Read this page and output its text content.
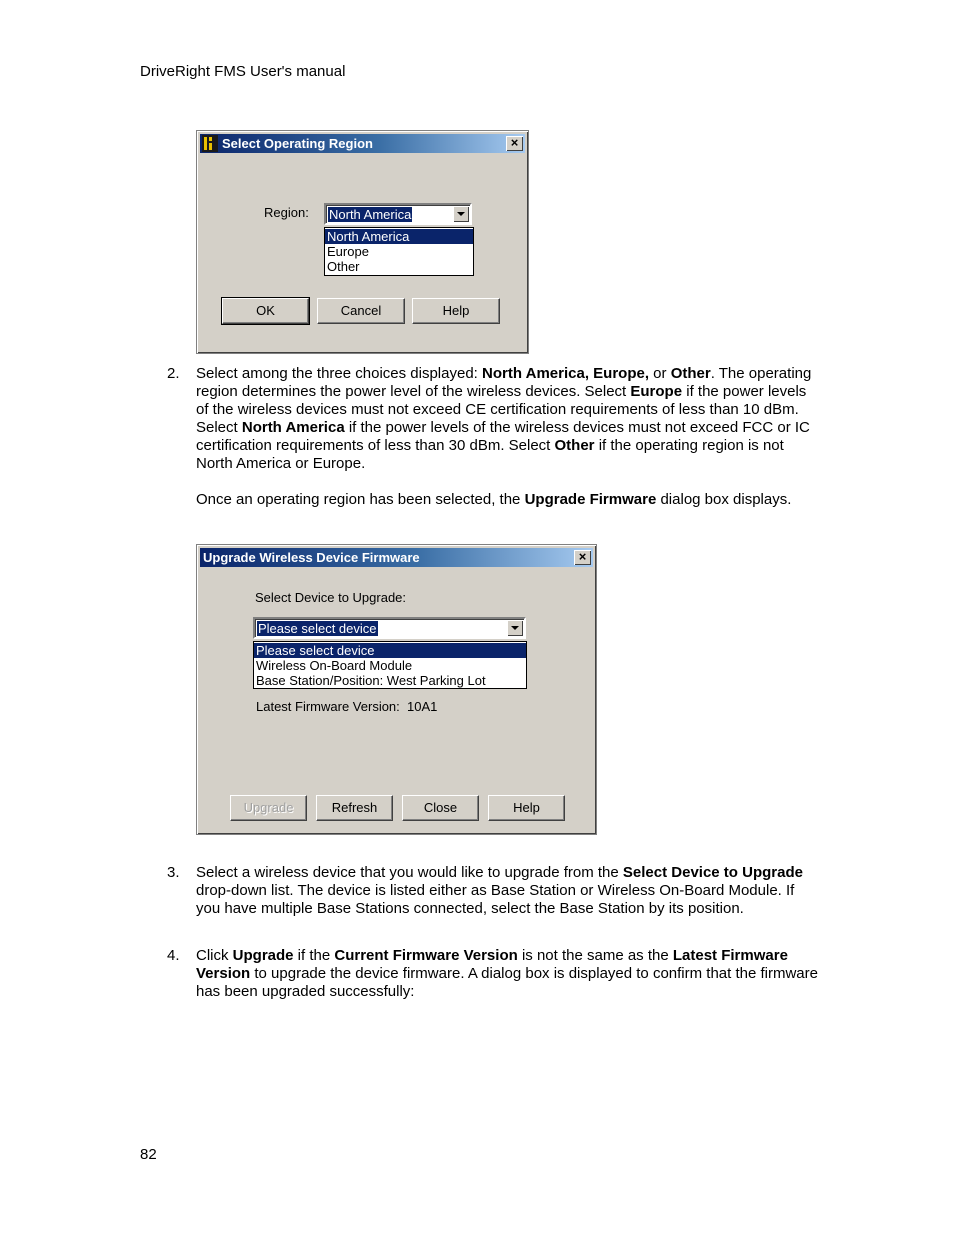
DriveRight FMS User's manual
Select Operating Region	×
Region: North America
North America
Europe
Other
OK	Cancel	Help
2. Select among the three choices displayed: North America, Europe, or Other. The operating region determines the power level of the wireless devices. Select Europe if the power levels of the wireless devices must not exceed CE certification requirements of less than 10 dBm. Select North America if the power levels of the wireless devices must not exceed FCC or IC certification requirements of less than 30 dBm. Select Other if the operating region is not North America or Europe.
Once an operating region has been selected, the Upgrade Firmware dialog box displays.
Upgrade Wireless Device Firmware	×
Select Device to Upgrade:
Please select device
Please select device
Wireless On-Board Module
Base Station/Position: West Parking Lot
Latest Firmware Version: 10A1
Upgrade	Refresh	Close	Help
3. Select a wireless device that you would like to upgrade from the Select Device to Upgrade drop-down list. The device is listed either as Base Station or Wireless On-Board Module. If you have multiple Base Stations connected, select the Base Station by its position.
4. Click Upgrade if the Current Firmware Version is not the same as the Latest Firmware Version to upgrade the device firmware. A dialog box is displayed to confirm that the firmware has been upgraded successfully:
82
